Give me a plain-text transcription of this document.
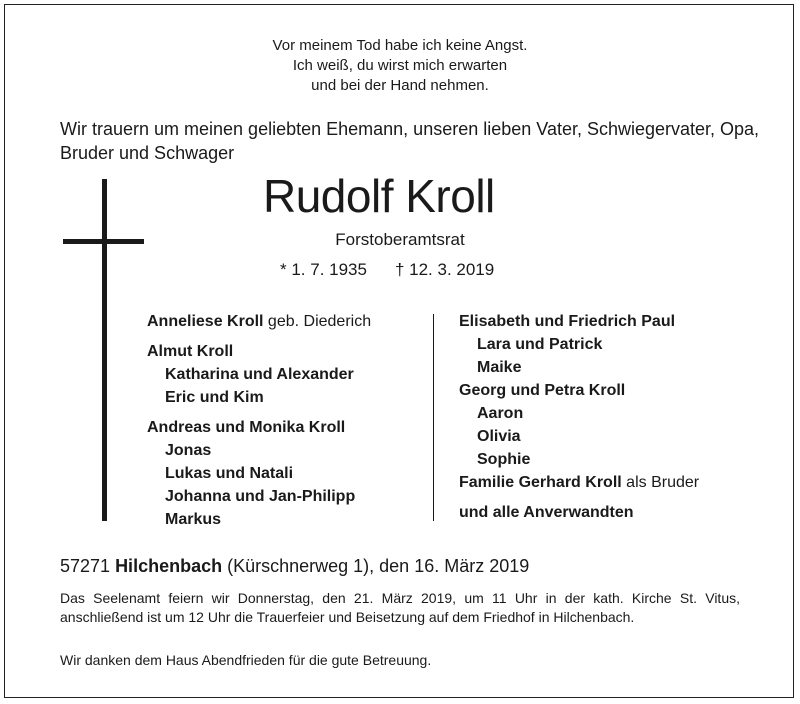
Vor meinem Tod habe ich keine Angst.
Ich weiß, du wirst mich erwarten
und bei der Hand nehmen.
Wir trauern um meinen geliebten Ehemann, unseren lieben Vater, Schwiegervater, Opa, Bruder und Schwager
Rudolf Kroll
Forstoberamtsrat
* 1. 7. 1935 † 12. 3. 2019
Anneliese Kroll geb. Diederich
Almut Kroll
Katharina und Alexander
Eric und Kim
Andreas und Monika Kroll
Jonas
Lukas und Natali
Johanna und Jan-Philipp
Markus
Elisabeth und Friedrich Paul
Lara und Patrick
Maike
Georg und Petra Kroll
Aaron
Olivia
Sophie
Familie Gerhard Kroll als Bruder
und alle Anverwandten
57271 Hilchenbach (Kürschnerweg 1), den 16. März 2019
Das Seelenamt feiern wir Donnerstag, den 21. März 2019, um 11 Uhr in der kath. Kirche St. Vitus, anschließend ist um 12 Uhr die Trauerfeier und Beisetzung auf dem Friedhof in Hilchenbach.
Wir danken dem Haus Abendfrieden für die gute Betreuung.
